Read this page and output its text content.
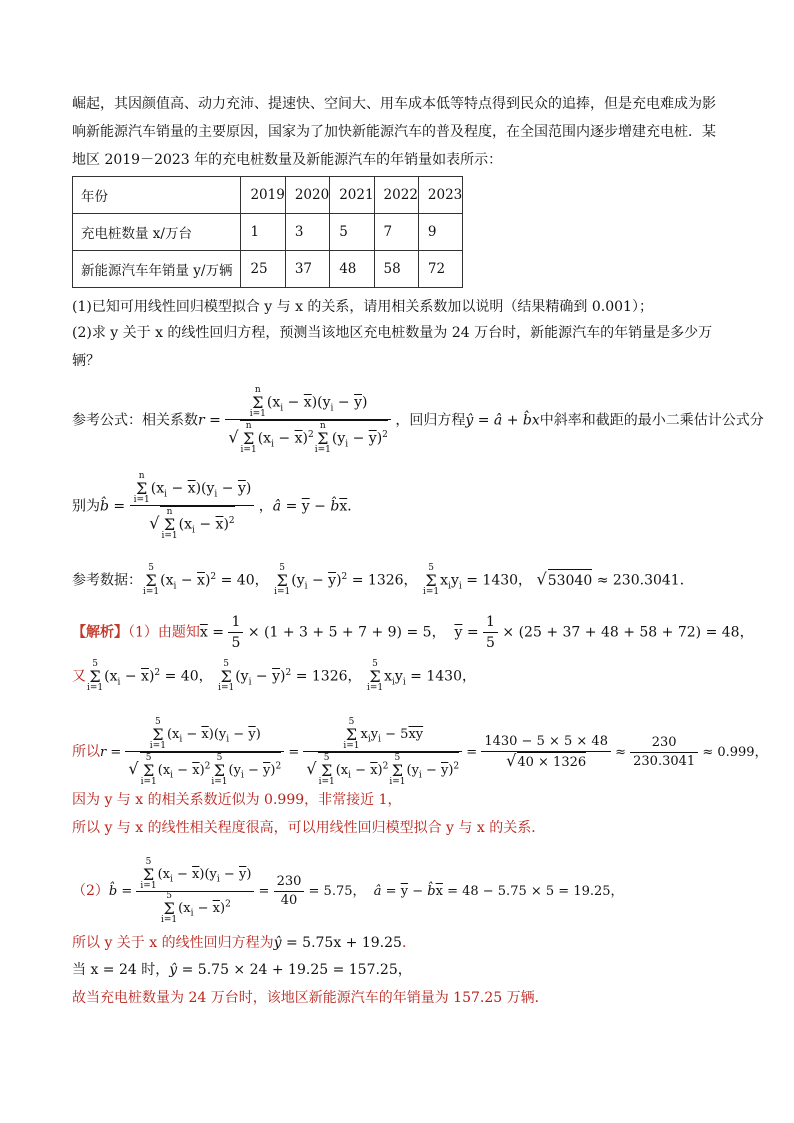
崛起，其因颜值高、动力充沛、提速快、空间大、用车成本低等特点得到民众的追捧，但是充电难成为影
响新能源汽车销量的主要原因，国家为了加快新能源汽车的普及程度，在全国范围内逐步增建充电桩．某
地区 2019－2023 年的充电桩数量及新能源汽车的年销量如表所示：
年份	2019	2020	2021	2022	2023
充电桩数量 x/万台	1	3	5	7	9
新能源汽车年销量 y/万辆	25	37	48	58	72
(1)已知可用线性回归模型拟合 y 与 x 的关系，请用相关系数加以说明（结果精确到 0.001）；
(2)求 y 关于 x 的线性回归方程，预测当该地区充电桩数量为 24 万台时，新能源汽车的年销量是多少万
辆？
参考公式：相关系数r = n
Σ
$i=1(x_i - \overline{x})(y_i - \overline{y})$
√n
Σ
$i=1(x_i - \overline{x})^2n$
Σ
$i=1(y_i - \overline{y})^2$ ，回归方程ŷ = â + b̂x中斜率和截距的最小二乘估计公式分
别为b̂ = n
Σ
$i=1(x_i - \overline{x})(y_i - \overline{y})$
√n
Σ
$i=1(x_i - \overline{x})^2$ ，â = $\overline{y}$ − $b̂\overline{x}$．
参考数据：5
Σ
$i=1(x_i - \overline{x})^2 = 40$， 5
Σ
$i=1(y_i - \overline{y})^2 = 1326$， 5
Σ
$i=1x_iy_i = 1430$， √53040 ≈ 230.3041．
【解析】（1）由题知$\overline{x} = \frac{1}{5} \times (1 + 3 + 5 + 7 + 9) = 5$，  $\overline{y} = \frac{1}{5} \times (25 + 37 + 48 + 58 + 72) = 48$，
又5
Σ
$i=1(x_i - \overline{x})^2 = 40$， 5
Σ
$i=1(y_i - \overline{y})^2 = 1326$， 5
Σ
$i=1x_iy_i = 1430$，
所以r = 5
Σ
$i=1(x_i - \overline{x})(y_i - \overline{y})$
√5
Σ
$i=1(x_i - \overline{x})^25$
Σ
$i=1(y_i - \overline{y})^2 = 5$
Σ
$i=1x_iy_i - 5\overline{xy}$
√5
Σ
$i=1(x_i - \overline{x})^25$
Σ
$i=1(y_i - \overline{y})^2 = \frac{1430 - 5 \times 5 \times 48}{√40 \times 1326} \approx \frac{230}{230.3041} \approx 0.999$，
因为 y 与 x 的相关系数近似为 0.999，非常接近 1，
所以 y 与 x 的线性相关程度很高，可以用线性回归模型拟合 y 与 x 的关系．
（2）b̂ = 5
Σ
$i=1(x_i - \overline{x})(y_i - \overline{y})$
5
Σ
$i=1(x_i - \overline{x})^2 = \frac{230}{40} = 5.75$，  â = $\overline{y}$ − $b̂\overline{x} = 48 - 5.75 \times 5 = 19.25$，
所以 y 关于 x 的线性回归方程为ŷ = 5.75x + 19.25．
当 x = 24 时，ŷ = 5.75 × 24 + 19.25 = 157.25，
故当充电桩数量为 24 万台时，该地区新能源汽车的年销量为 157.25 万辆．
